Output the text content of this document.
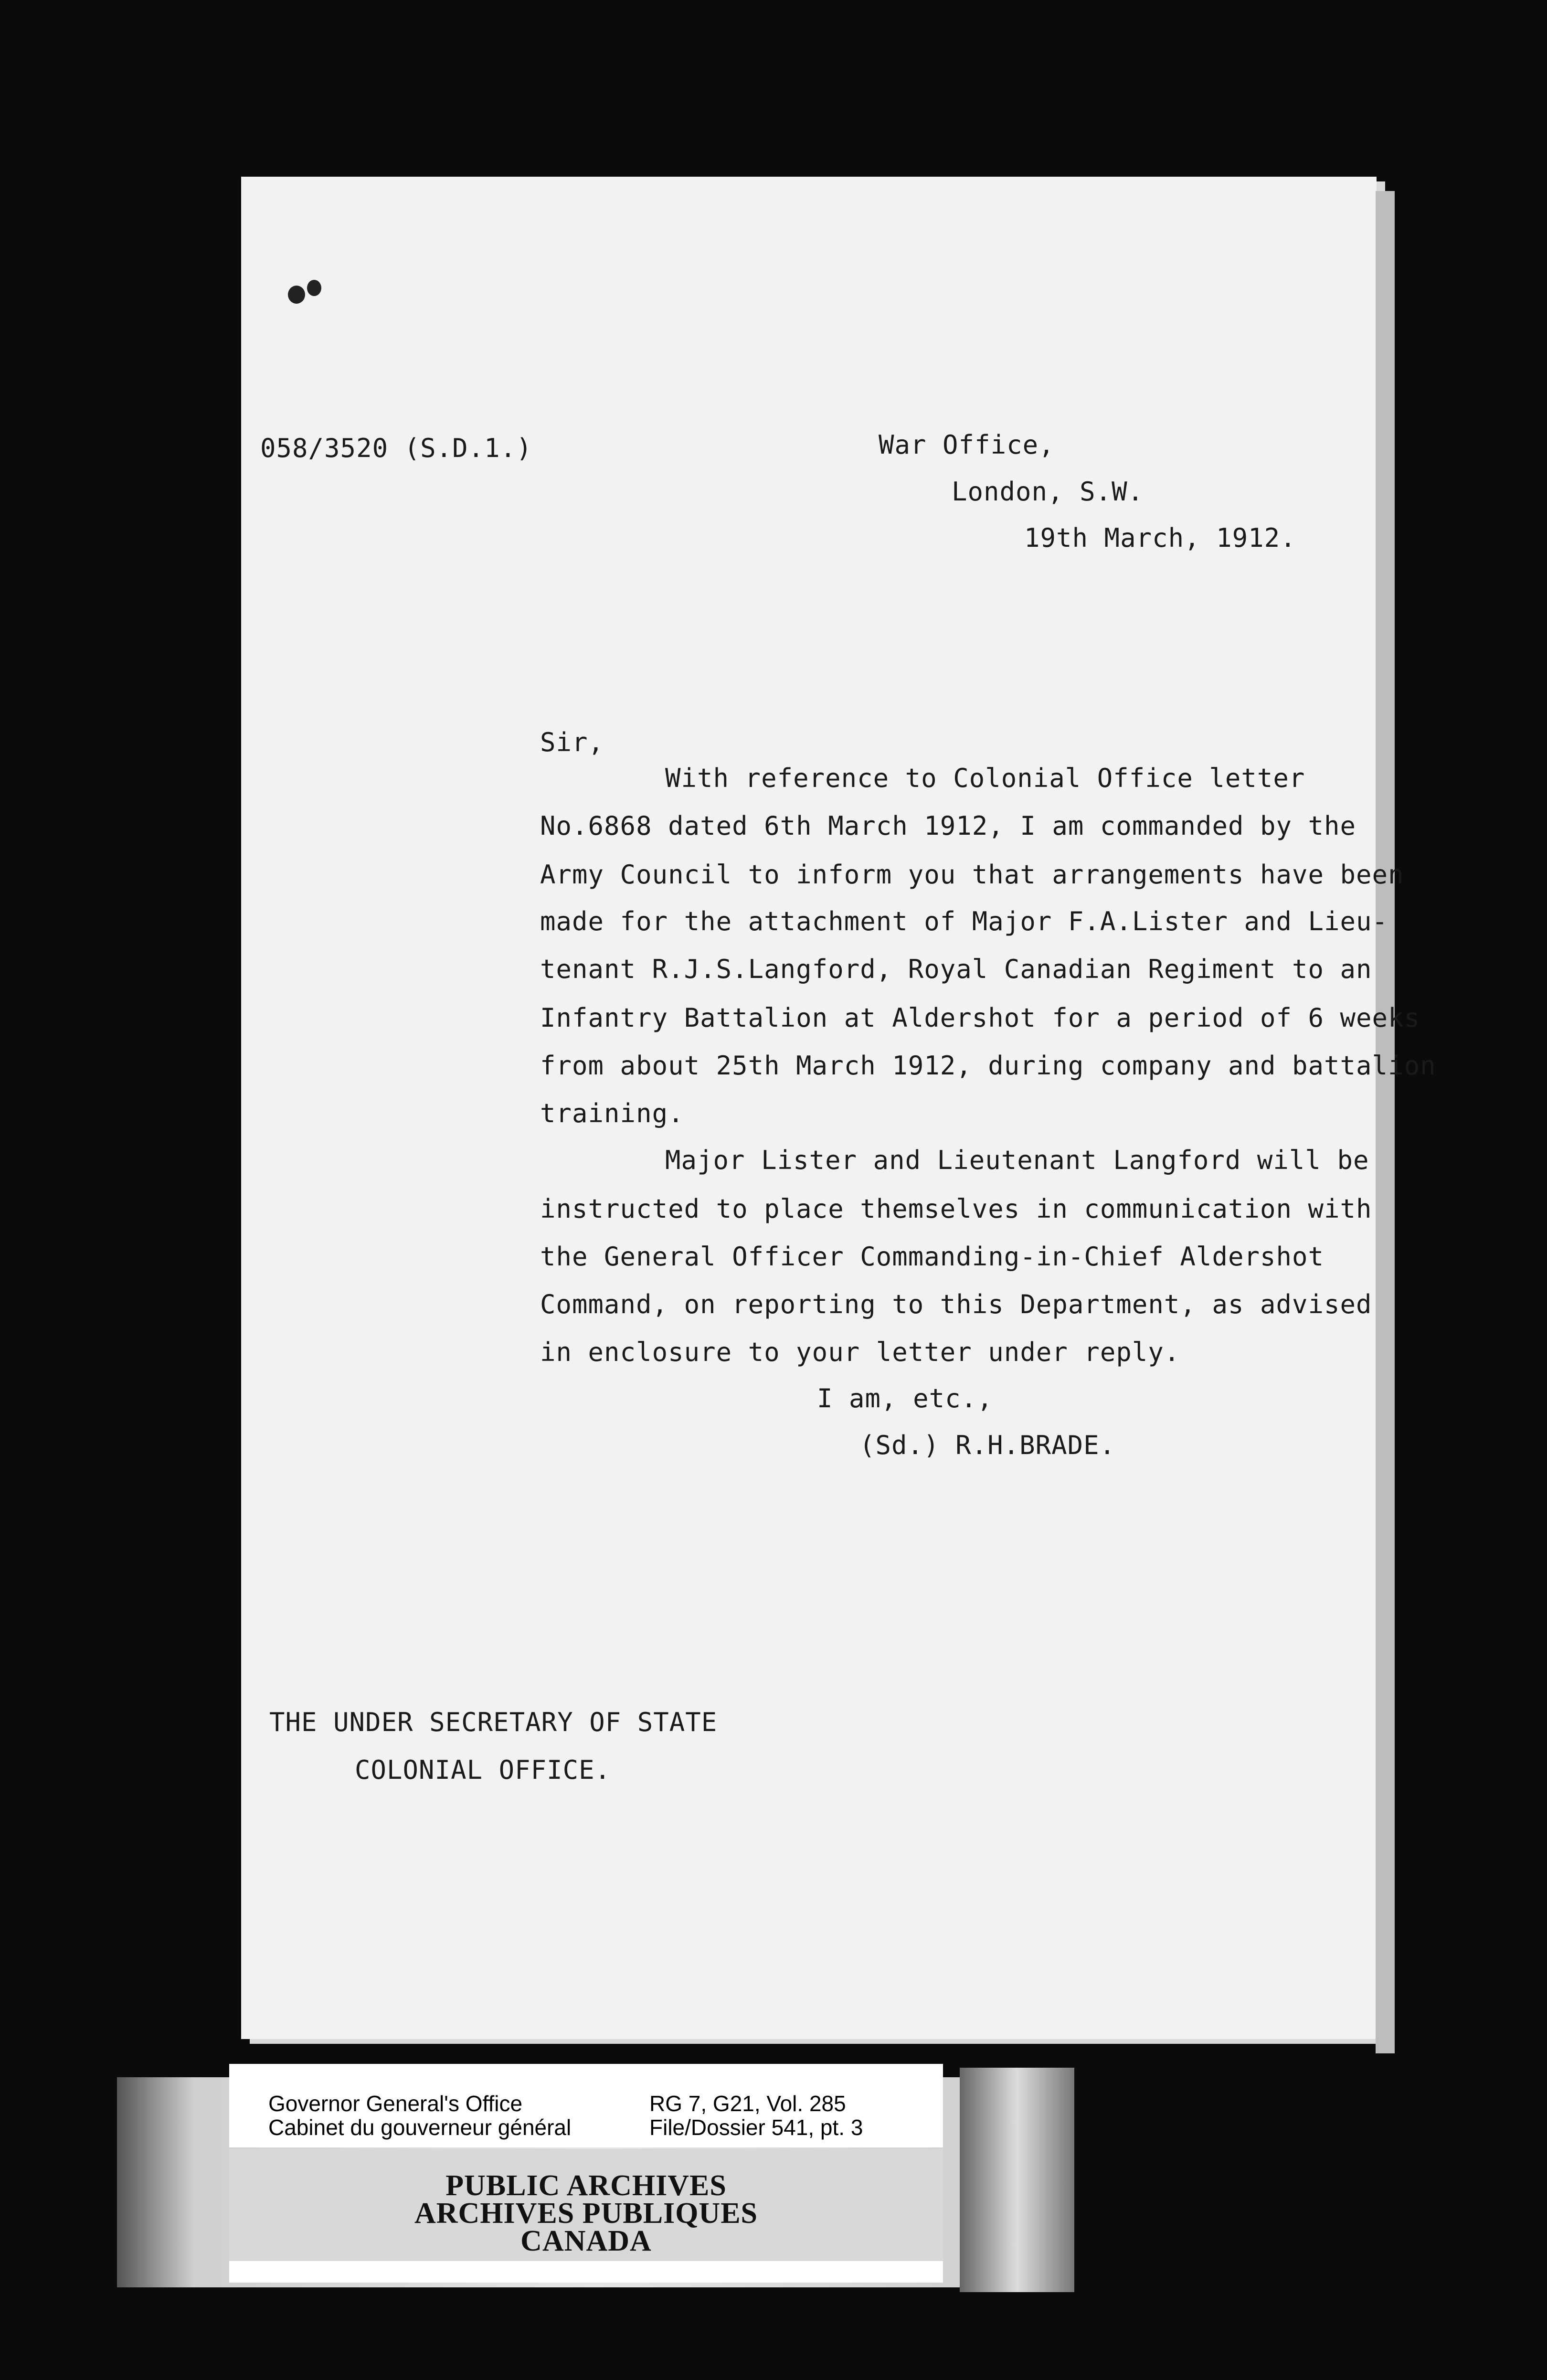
058/3520 (S.D.1.)	War Office,
London, S.W.
19th March, 1912.
Sir,
With reference to Colonial Office letter
No.6868 dated 6th March 1912, I am commanded by the
Army Council to inform you that arrangements have been
made for the attachment of Major F.A.Lister and Lieu-
tenant R.J.S.Langford, Royal Canadian Regiment to an
Infantry Battalion at Aldershot for a period of 6 weeks
from about 25th March 1912, during company and battalion
training.
Major Lister and Lieutenant Langford will be
instructed to place themselves in communication with
the General Officer Commanding-in-Chief Aldershot
Command, on reporting to this Department, as advised
in enclosure to your letter under reply.
I am, etc.,
(Sd.) R.H.BRADE.
THE UNDER SECRETARY OF STATE
COLONIAL OFFICE.
Governor General's Office
Cabinet du gouverneur général
RG 7, G21, Vol. 285
File/Dossier 541, pt. 3
PUBLIC ARCHIVES
ARCHIVES PUBLIQUES
CANADA
